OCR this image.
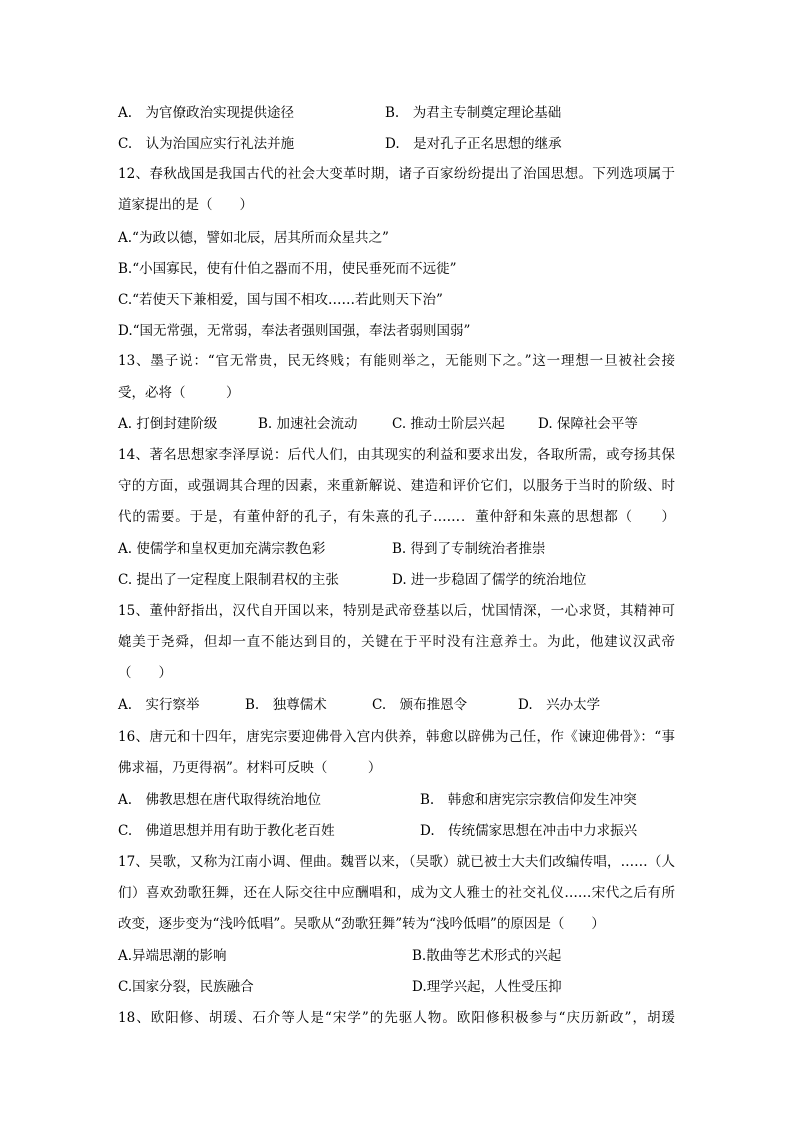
A.　为官僚政治实现提供途径	B.　为君主专制奠定理论基础
C.　认为治国应实行礼法并施	D.　是对孔子正名思想的继承
12、春秋战国是我国古代的社会大变革时期，诸子百家纷纷提出了治国思想。下列选项属于
道家提出的是（　　）
A.“为政以德，譬如北辰，居其所而众星共之”
B.“小国寡民，使有什伯之器而不用，使民垂死而不远徙”
C.“若使天下兼相爱，国与国不相攻……若此则天下治”
D.“国无常强，无常弱，奉法者强则国强，奉法者弱则国弱”
13、墨子说：“官无常贵，民无终贱；有能则举之，无能则下之。”这一理想一旦被社会接
受，必将（　　　）
A. 打倒封建阶级	B. 加速社会流动	C. 推动士阶层兴起 D. 保障社会平等
14、著名思想家李泽厚说：后代人们，由其现实的利益和要求出发，各取所需，或夸扬其保
守的方面，或强调其合理的因素，来重新解说、建造和评价它们，以服务于当时的阶级、时
代的需要。于是，有董仲舒的孔子，有朱熹的孔子……．董仲舒和朱熹的思想都（　　）
A. 使儒学和皇权更加充满宗教色彩	B. 得到了专制统治者推崇
C. 提出了一定程度上限制君权的主张	D. 进一步稳固了儒学的统治地位
15、董仲舒指出，汉代自开国以来，特别是武帝登基以后，忧国情深，一心求贤，其精神可
媲美于尧舜，但却一直不能达到目的，关键在于平时没有注意养士。为此，他建议汉武帝
（　　）
A.　实行察举	B.　独尊儒术	C.　颁布推恩令	D.　兴办太学
16、唐元和十四年，唐宪宗要迎佛骨入宫内供养，韩愈以辟佛为己任，作《谏迎佛骨》：“事
佛求福，乃更得祸”。材料可反映（　　　）
A.　佛教思想在唐代取得统治地位	B.　韩愈和唐宪宗宗教信仰发生冲突
C.　佛道思想并用有助于教化老百姓	D.　传统儒家思想在冲击中力求振兴
17、吴歌，又称为江南小调、俚曲。魏晋以来，（吴歌）就已被士大夫们改编传唱，……（人
们）喜欢劲歌狂舞，还在人际交往中应酬唱和，成为文人雅士的社交礼仪……宋代之后有所
改变，逐步变为“浅吟低唱”。吴歌从“劲歌狂舞”转为“浅吟低唱”的原因是（　　）
A.异端思潮的影响	B.散曲等艺术形式的兴起
C.国家分裂，民族融合	D.理学兴起，人性受压抑
18、欧阳修、胡瑗、石介等人是“宋学”的先驱人物。欧阳修积极参与“庆历新政”，胡瑗
